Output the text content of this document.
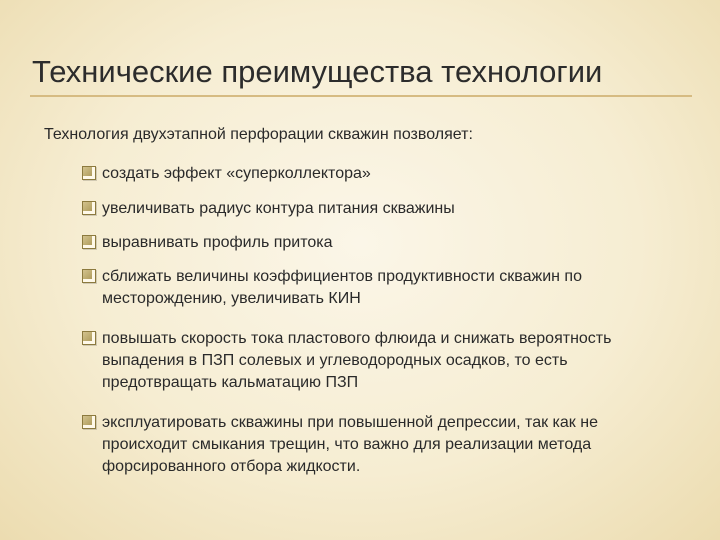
Технические преимущества технологии
Технология двухэтапной перфорации скважин позволяет:
создать эффект «суперколлектора»
увеличивать радиус контура питания скважины
выравнивать профиль притока
сближать величины коэффициентов продуктивности скважин по месторождению, увеличивать КИН
повышать скорость тока пластового флюида и снижать вероятность выпадения в ПЗП солевых и углеводородных осадков, то есть предотвращать кальматацию ПЗП
эксплуатировать скважины при повышенной депрессии, так как не происходит смыкания трещин, что важно для реализации метода форсированного отбора жидкости.
